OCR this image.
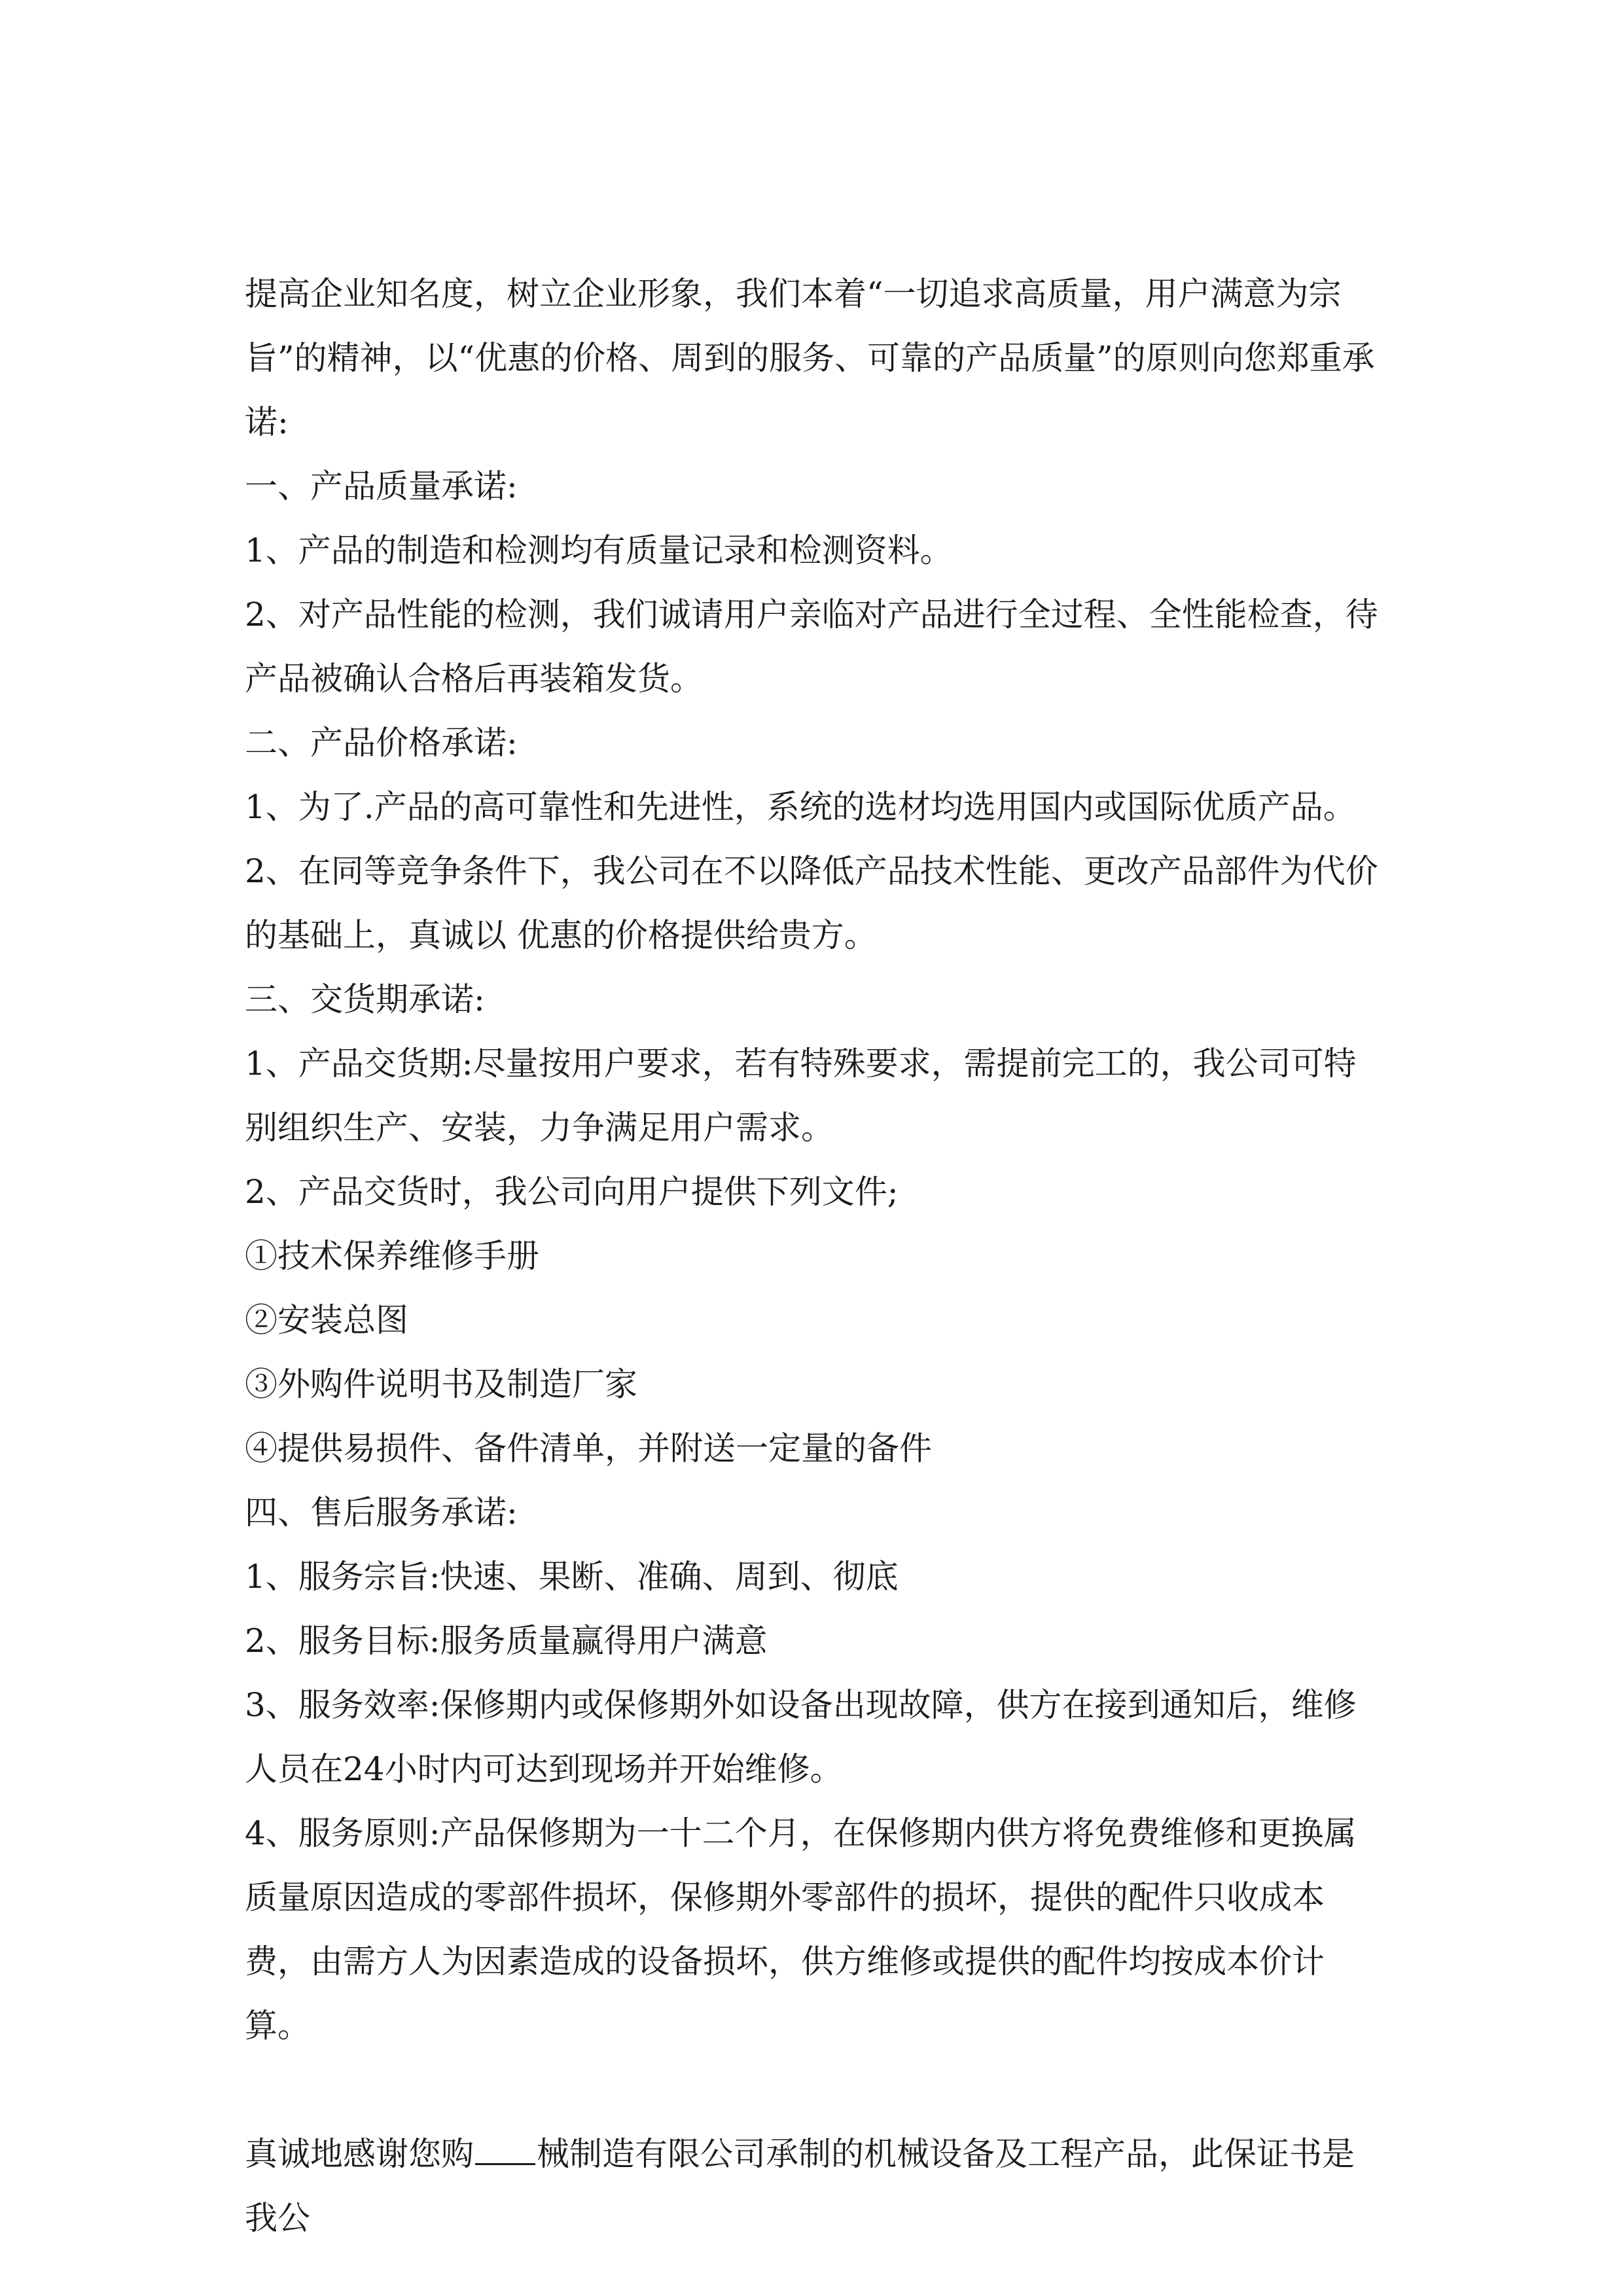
提高企业知名度，树立企业形象，我们本着“一切追求高质量，用户满意为宗旨”的精神，以“优惠的价格、周到的服务、可靠的产品质量”的原则向您郑重承诺:

一、产品质量承诺:

1、产品的制造和检测均有质量记录和检测资料。

2、对产品性能的检测，我们诚请用户亲临对产品进行全过程、全性能检查，待产品被确认合格后再装箱发货。

二、产品价格承诺:

1、为了.产品的高可靠性和先进性，系统的选材均选用国内或国际优质产品。

2、在同等竞争条件下，我公司在不以降低产品技术性能、更改产品部件为代价的基础上，真诚以 优惠的价格提供给贵方。

三、交货期承诺:

1、产品交货期:尽量按用户要求，若有特殊要求，需提前完工的，我公司可特别组织生产、安装，力争满足用户需求。

2、产品交货时，我公司向用户提供下列文件;

①技术保养维修手册

②安装总图

③外购件说明书及制造厂家

④提供易损件、备件清单，并附送一定量的备件

四、售后服务承诺:

1、服务宗旨:快速、果断、准确、周到、彻底

2、服务目标:服务质量赢得用户满意

3、服务效率:保修期内或保修期外如设备出现故障，供方在接到通知后，维修人员在24小时内可达到现场并开始维修。

4、服务原则:产品保修期为一十二个月，在保修期内供方将免费维修和更换属质量原因造成的零部件损坏，保修期外零部件的损坏，提供的配件只收成本费，由需方人为因素造成的设备损坏，供方维修或提供的配件均按成本价计算。

真诚地感谢您购 械制造有限公司承制的机械设备及工程产品，此保证书是我公
